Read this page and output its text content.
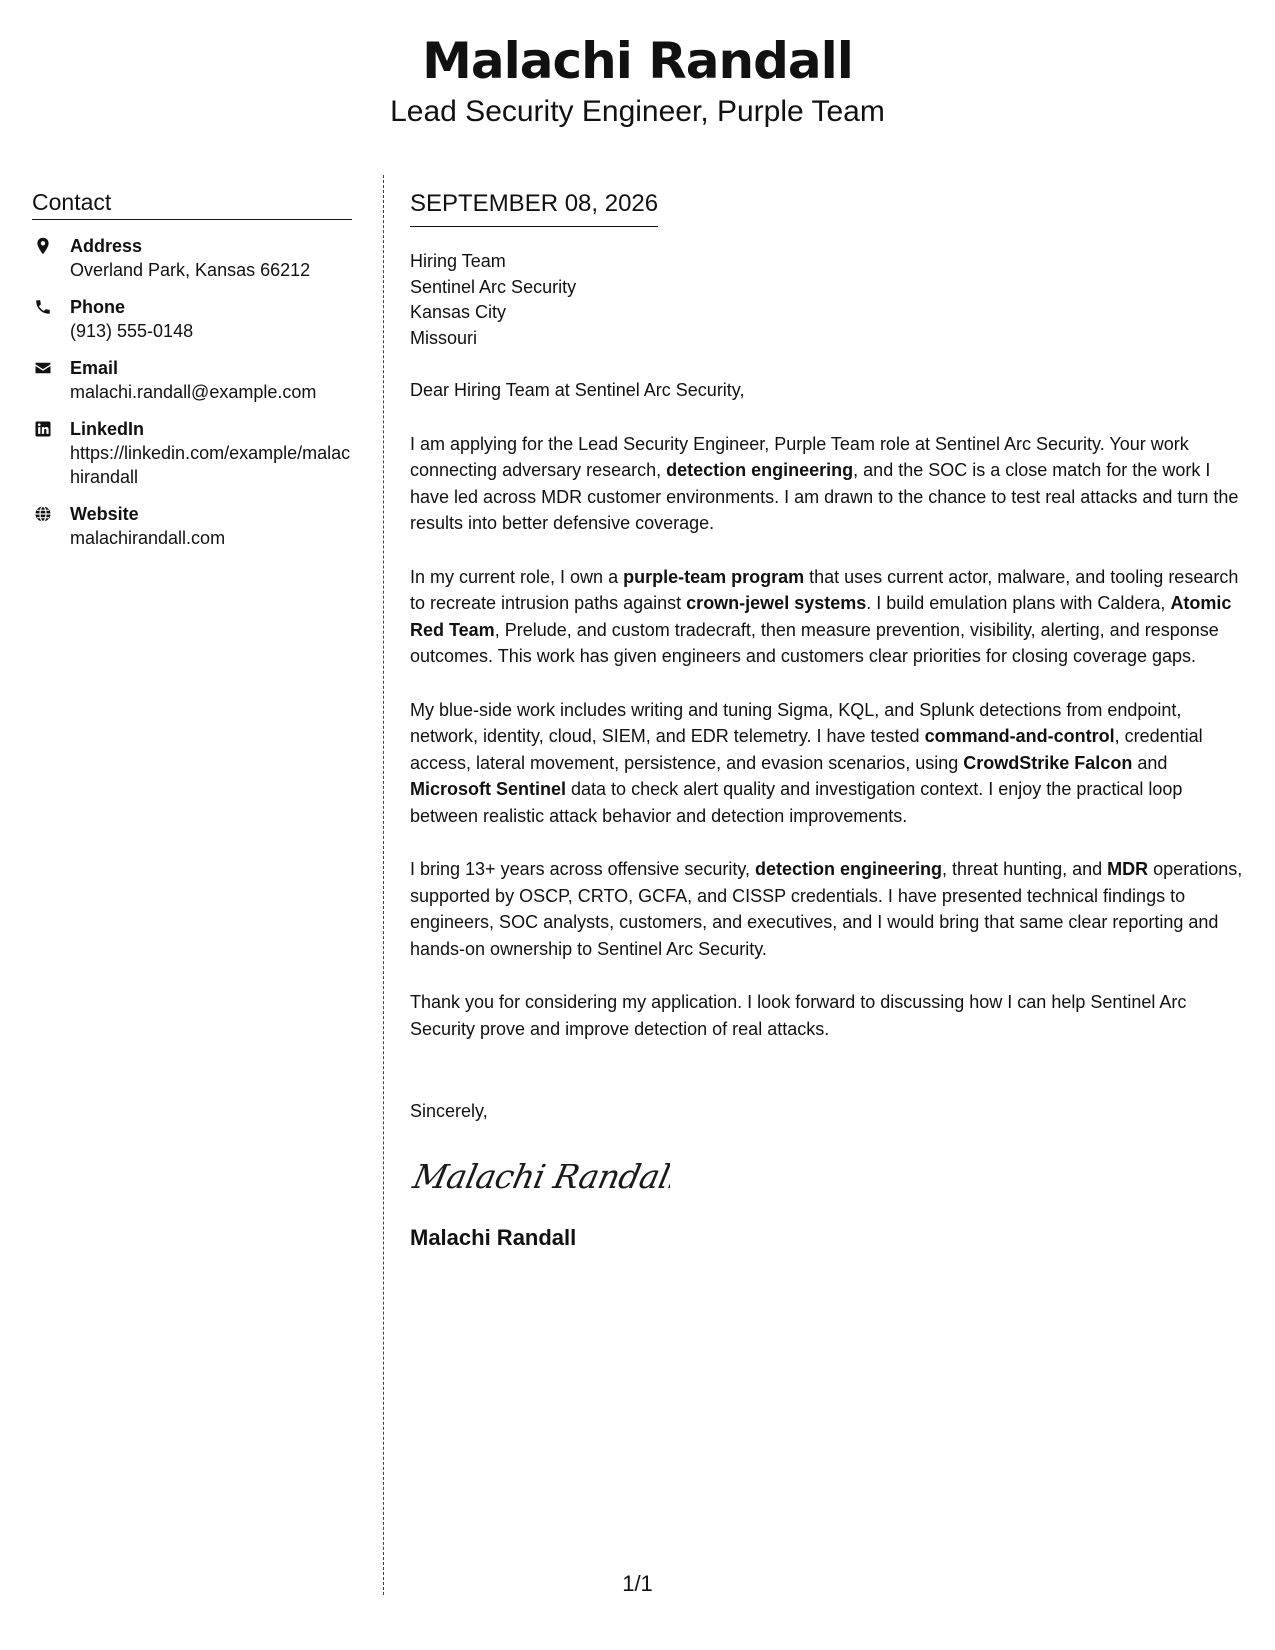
Malachi Randall
Lead Security Engineer, Purple Team
Contact
Address
Overland Park, Kansas 66212
Phone
(913) 555-0148
Email
malachi.randall@example.com
LinkedIn
https://linkedin.com/example/malachirandall
Website
malachirandall.com
SEPTEMBER 08, 2026
Hiring Team
Sentinel Arc Security
Kansas City
Missouri
Dear Hiring Team at Sentinel Arc Security,
I am applying for the Lead Security Engineer, Purple Team role at Sentinel Arc Security. Your work connecting adversary research, detection engineering, and the SOC is a close match for the work I have led across MDR customer environments. I am drawn to the chance to test real attacks and turn the results into better defensive coverage.
In my current role, I own a purple-team program that uses current actor, malware, and tooling research to recreate intrusion paths against crown-jewel systems. I build emulation plans with Caldera, Atomic Red Team, Prelude, and custom tradecraft, then measure prevention, visibility, alerting, and response outcomes. This work has given engineers and customers clear priorities for closing coverage gaps.
My blue-side work includes writing and tuning Sigma, KQL, and Splunk detections from endpoint, network, identity, cloud, SIEM, and EDR telemetry. I have tested command-and-control, credential access, lateral movement, persistence, and evasion scenarios, using CrowdStrike Falcon and Microsoft Sentinel data to check alert quality and investigation context. I enjoy the practical loop between realistic attack behavior and detection improvements.
I bring 13+ years across offensive security, detection engineering, threat hunting, and MDR operations, supported by OSCP, CRTO, GCFA, and CISSP credentials. I have presented technical findings to engineers, SOC analysts, customers, and executives, and I would bring that same clear reporting and hands-on ownership to Sentinel Arc Security.
Thank you for considering my application. I look forward to discussing how I can help Sentinel Arc Security prove and improve detection of real attacks.
Sincerely,
Malachi Randall
Malachi Randall
1/1
